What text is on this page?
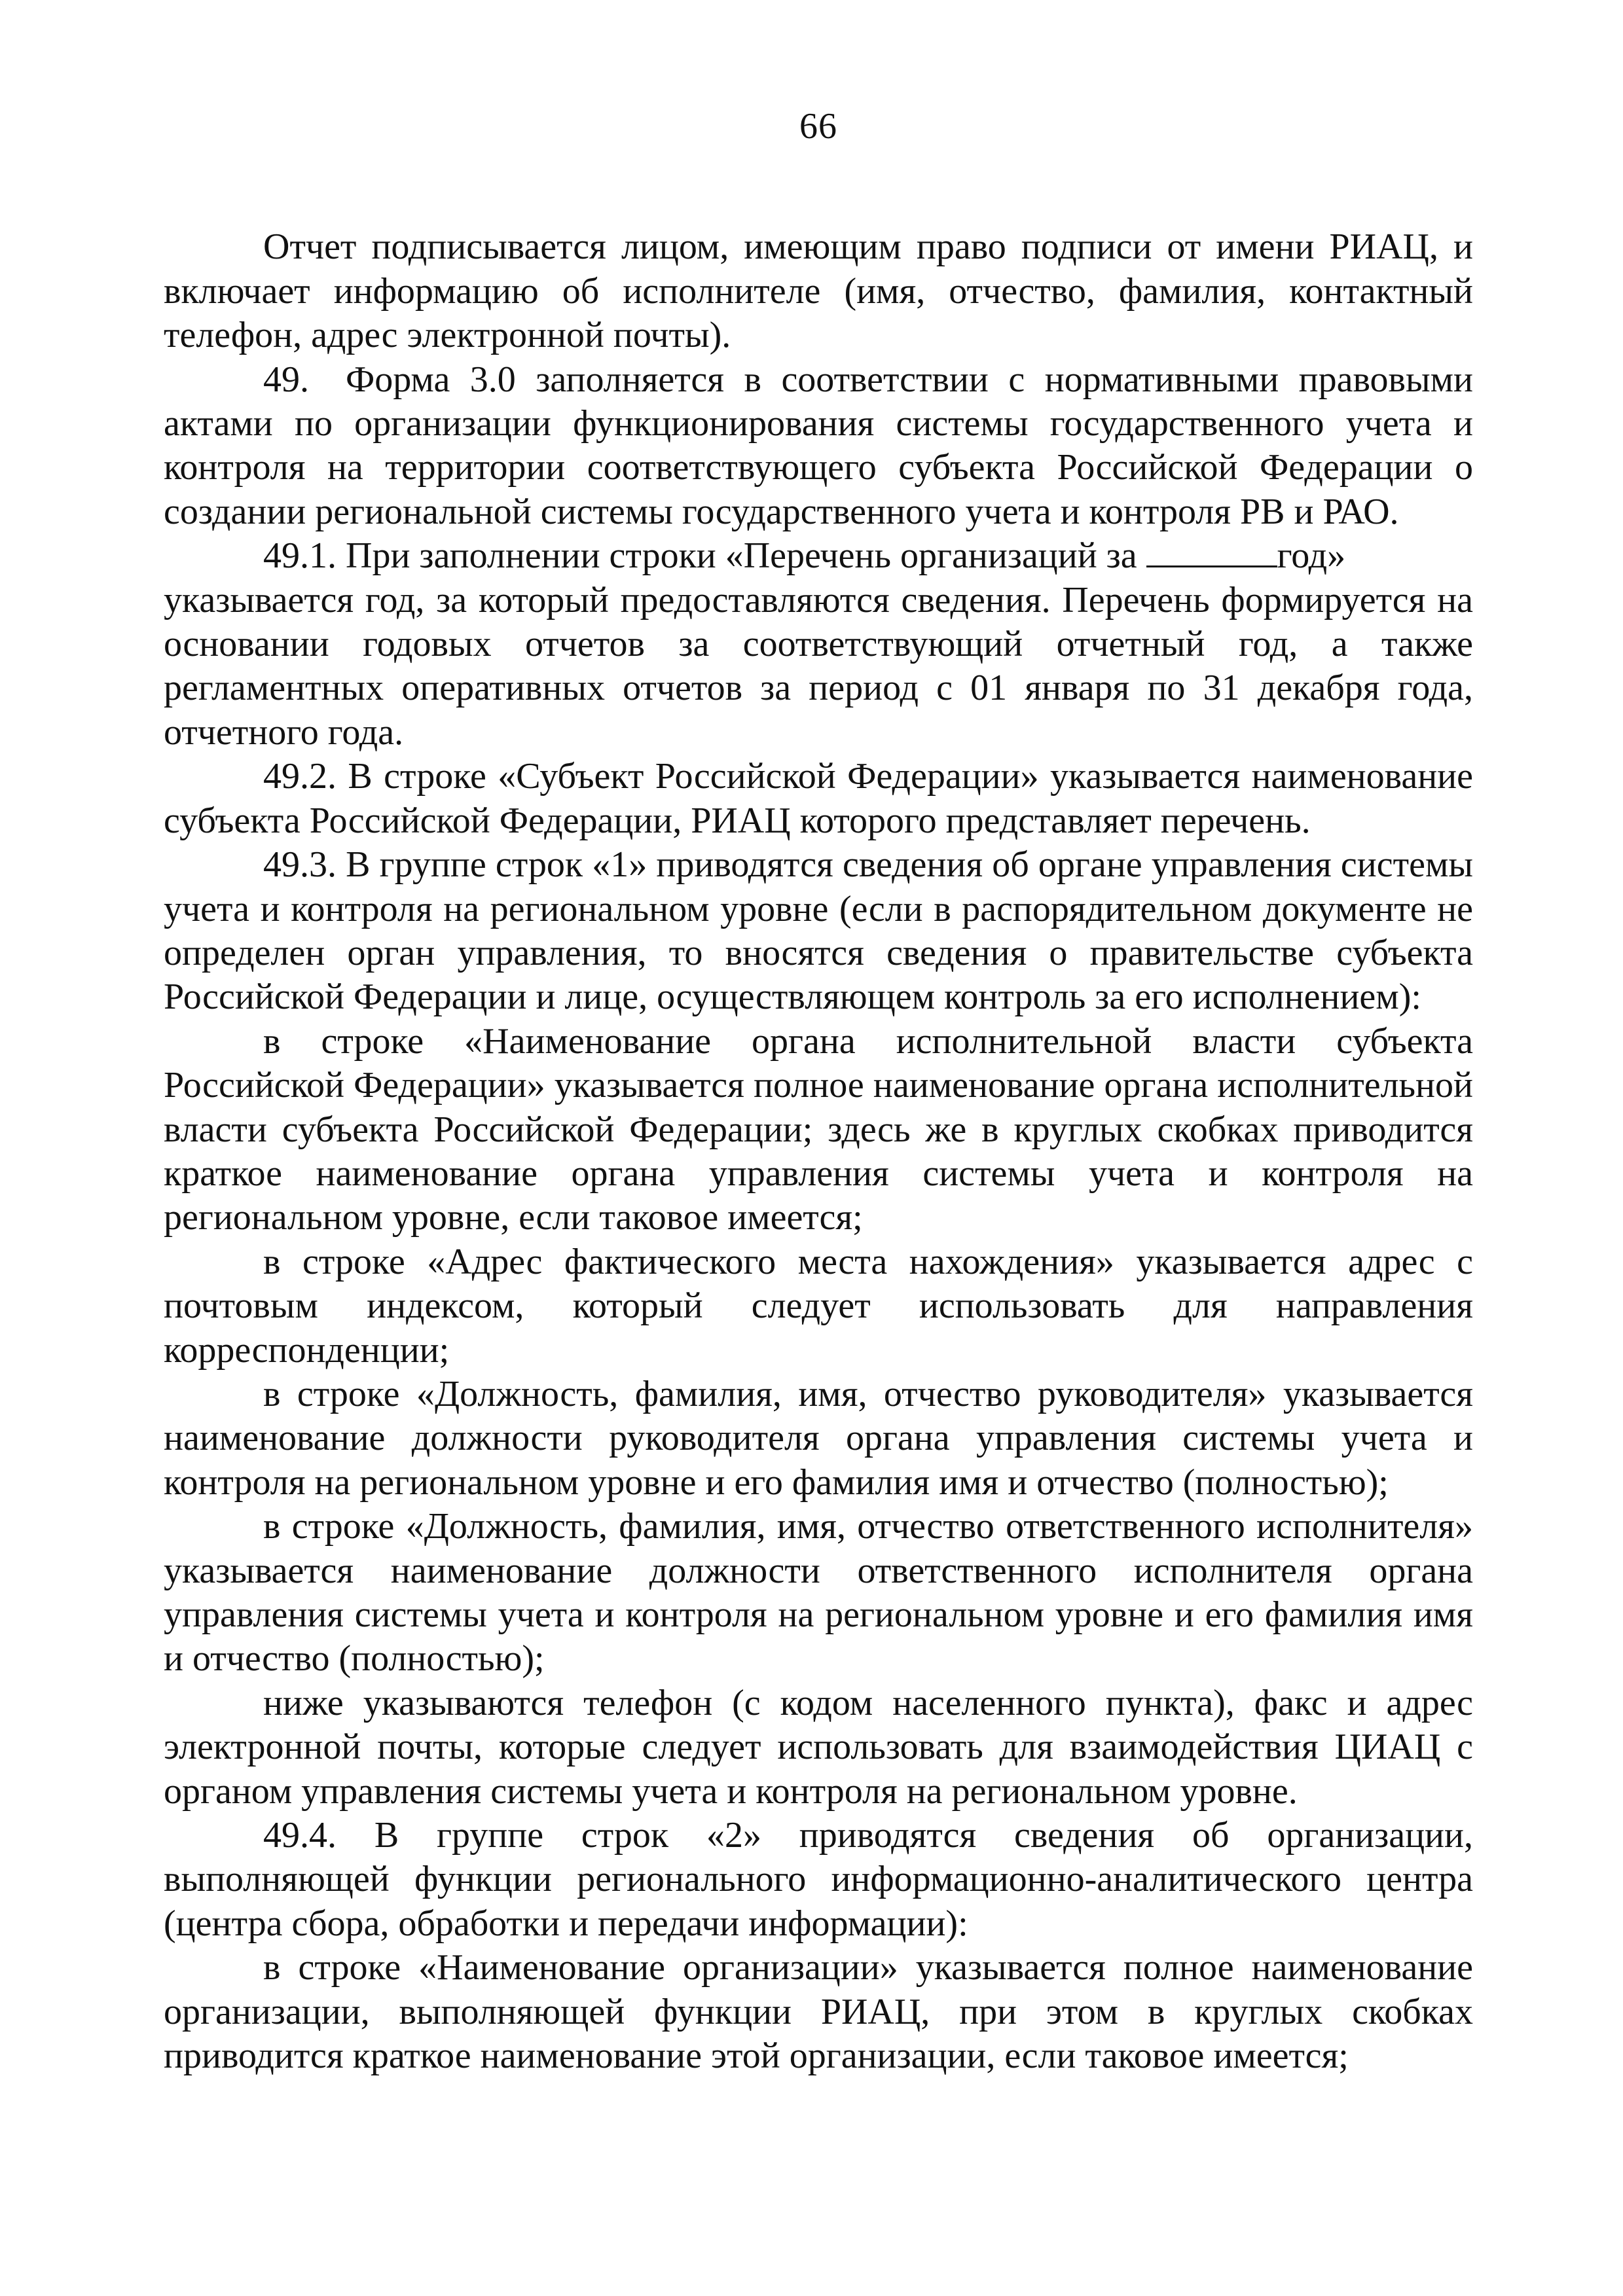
66

Отчет подписывается лицом, имеющим право подписи от имени РИАЦ, и включает информацию об исполнителе (имя, отчество, фамилия, контактный телефон, адрес электронной почты).

49. Форма 3.0 заполняется в соответствии с нормативными правовыми актами по организации функционирования системы государственного учета и контроля на территории соответствующего субъекта Российской Федерации о создании региональной системы государственного учета и контроля РВ и РАО.

49.1. При заполнении строки «Перечень организаций за	год»

указывается год, за который предоставляются сведения. Перечень формируется на основании годовых отчетов за соответствующий отчетный год, а также регламентных оперативных отчетов за период с 01 января по 31 декабря года, отчетного года.

49.2. В строке «Субъект Российской Федерации» указывается наименование субъекта Российской Федерации, РИАЦ которого представляет перечень.

49.3. В группе строк «1» приводятся сведения об органе управления системы учета и контроля на региональном уровне (если в распорядительном документе не определен орган управления, то вносятся сведения о правительстве субъекта Российской Федерации и лице, осуществляющем контроль за его исполнением):

в строке «Наименование органа исполнительной власти субъекта Российской Федерации» указывается полное наименование органа исполнительной власти субъекта Российской Федерации; здесь же в круглых скобках приводится краткое наименование органа управления системы учета и контроля на региональном уровне, если таковое имеется;

в строке «Адрес фактического места нахождения» указывается адрес с почтовым индексом, который следует использовать для направления корреспонденции;

в строке «Должность, фамилия, имя, отчество руководителя» указывается наименование должности руководителя органа управления системы учета и контроля на региональном уровне и его фамилия имя и отчество (полностью);

в строке «Должность, фамилия, имя, отчество ответственного исполнителя» указывается наименование должности ответственного исполнителя органа управления системы учета и контроля на региональном уровне и его фамилия имя и отчество (полностью);

ниже указываются телефон (с кодом населенного пункта), факс и адрес электронной почты, которые следует использовать для взаимодействия ЦИАЦ с органом управления системы учета и контроля на региональном уровне.

49.4. В группе строк «2» приводятся сведения об организации, выполняющей функции регионального информационно-аналитического центра (центра сбора, обработки и передачи информации):

в строке «Наименование организации» указывается полное наименование организации, выполняющей функции РИАЦ, при этом в круглых скобках приводится краткое наименование этой организации, если таковое имеется;
